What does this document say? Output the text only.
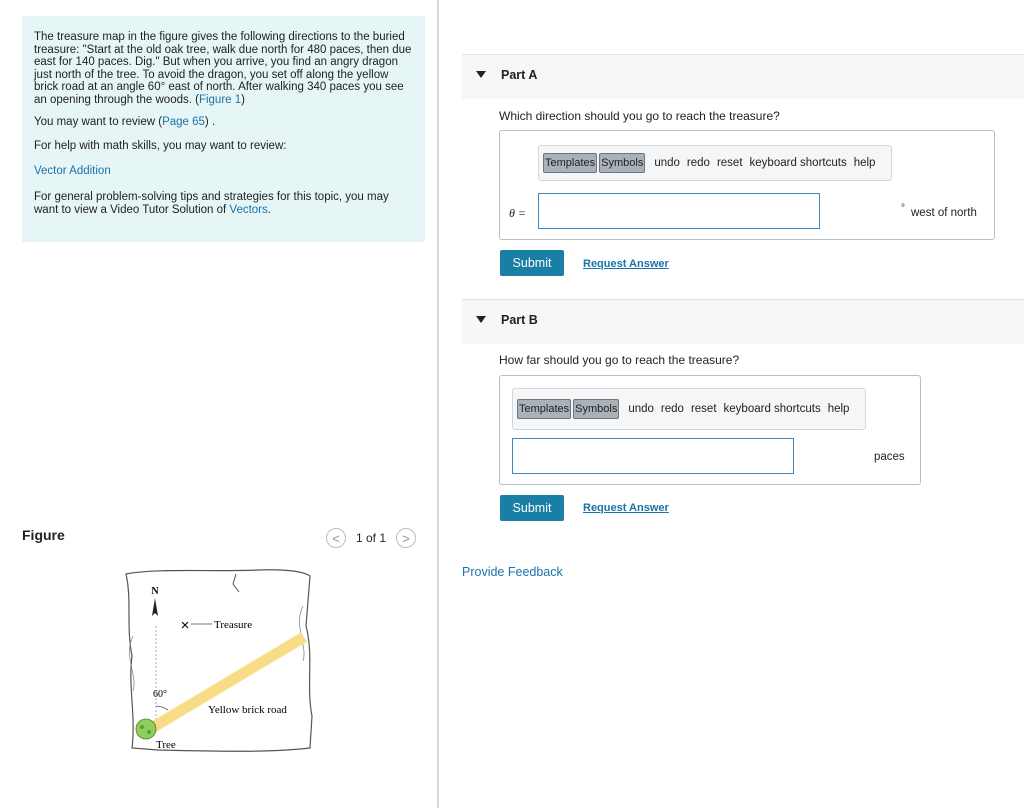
The treasure map in the figure gives the following directions to the buried treasure: "Start at the old oak tree, walk due north for 480 paces, then due east for 140 paces. Dig." But when you arrive, you find an angry dragon just north of the tree. To avoid the dragon, you set off along the yellow brick road at an angle 60° east of north. After walking 340 paces you see an opening through the woods. (Figure 1)

You may want to review (Page 65) .

For help with math skills, you may want to review:

Vector Addition

For general problem-solving tips and strategies for this topic, you may want to view a Video Tutor Solution of Vectors.

Figure	< 1 of 1 >
N
60°
× Treasure
Yellow brick road
Tree
Part A
Which direction should you go to reach the treasure?
Templates Symbols undo redo reset keyboard shortcuts help
θ =	° west of north
Submit	Request Answer
Part B
How far should you go to reach the treasure?
Templates Symbols undo redo reset keyboard shortcuts help
paces
Submit	Request Answer
Provide Feedback
